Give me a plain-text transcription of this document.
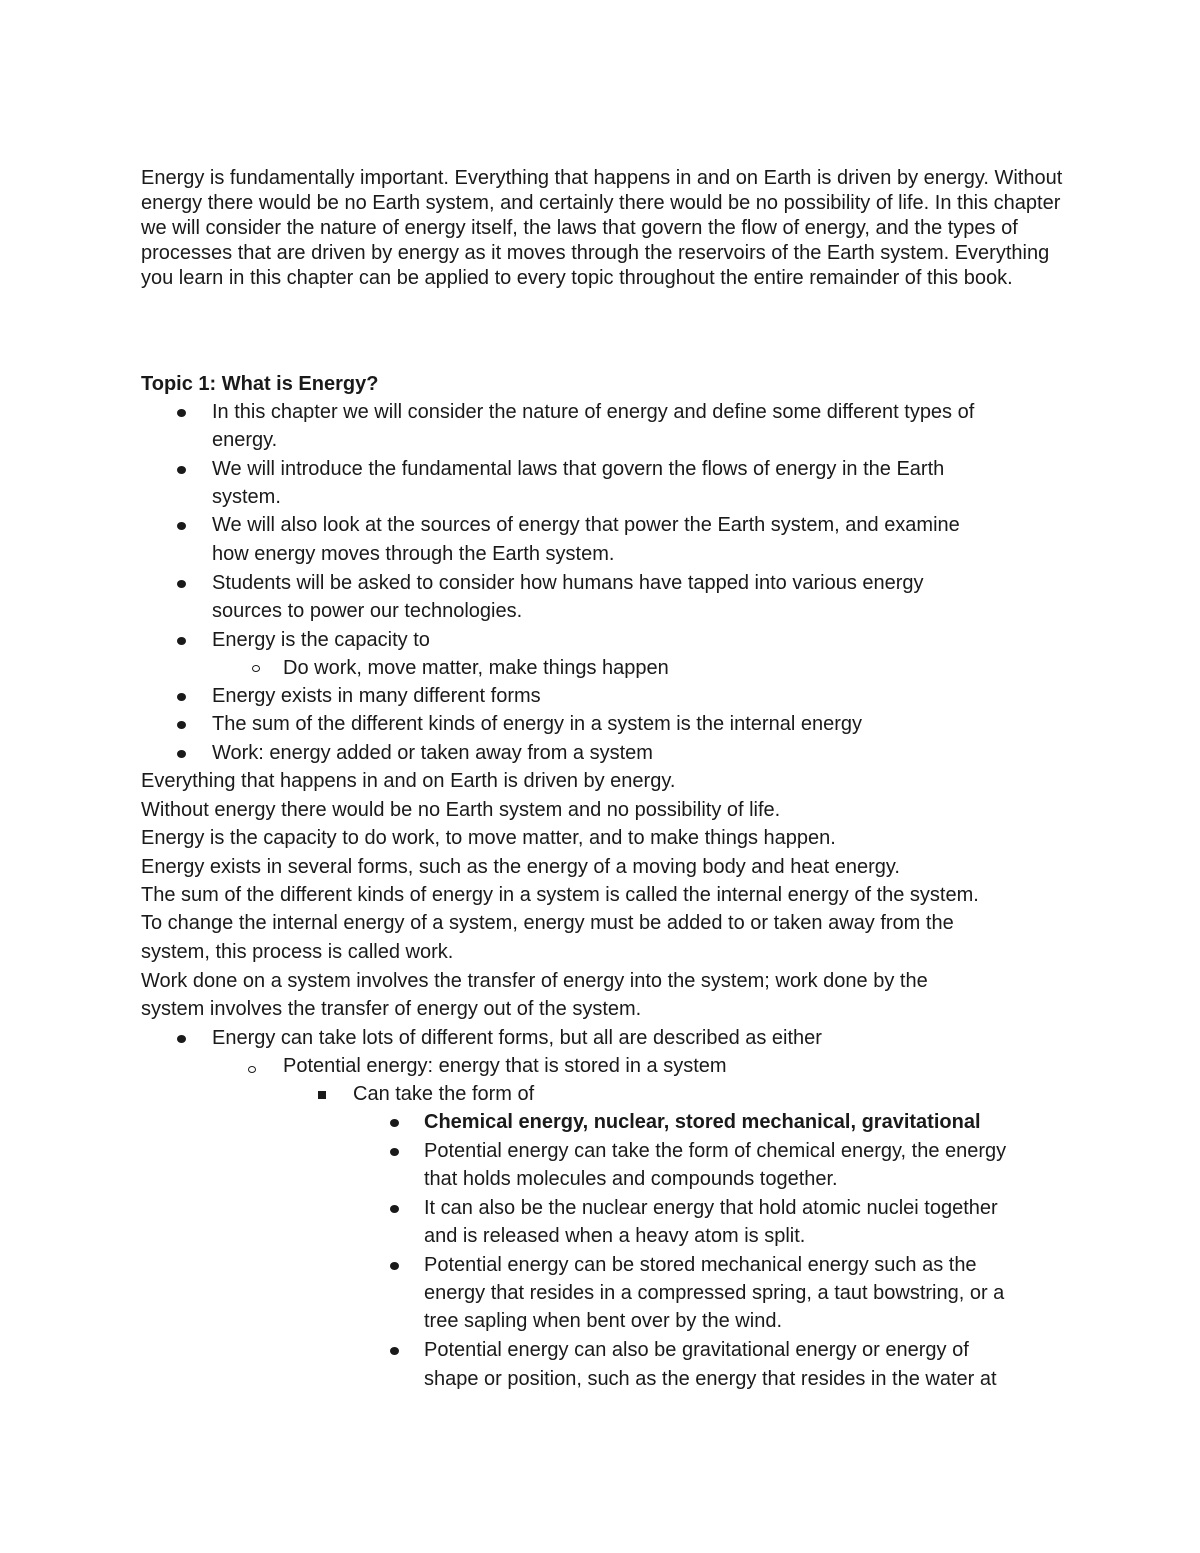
Energy is fundamentally important. Everything that happens in and on Earth is driven by energy. Without energy there would be no Earth system, and certainly there would be no possibility of life. In this chapter we will consider the nature of energy itself, the laws that govern the flow of energy, and the types of processes that are driven by energy as it moves through the reservoirs of the Earth system. Everything you learn in this chapter can be applied to every topic throughout the entire remainder of this book.

Topic 1: What is Energy?

In this chapter we will consider the nature of energy and define some different types of
energy.
We will introduce the fundamental laws that govern the flows of energy in the Earth
system.
We will also look at the sources of energy that power the Earth system, and examine
how energy moves through the Earth system.
Students will be asked to consider how humans have tapped into various energy
sources to power our technologies.
Energy is the capacity to
Do work, move matter, make things happen
Energy exists in many different forms
The sum of the different kinds of energy in a system is the internal energy
Work: energy added or taken away from a system
Everything that happens in and on Earth is driven by energy.
Without energy there would be no Earth system and no possibility of life.
Energy is the capacity to do work, to move matter, and to make things happen.
Energy exists in several forms, such as the energy of a moving body and heat energy.
The sum of the different kinds of energy in a system is called the internal energy of the system.
To change the internal energy of a system, energy must be added to or taken away from the
system, this process is called work.
Work done on a system involves the transfer of energy into the system; work done by the
system involves the transfer of energy out of the system.
Energy can take lots of different forms, but all are described as either
Potential energy: energy that is stored in a system
Can take the form of
Chemical energy, nuclear, stored mechanical, gravitational
Potential energy can take the form of chemical energy, the energy
that holds molecules and compounds together.
It can also be the nuclear energy that hold atomic nuclei together
and is released when a heavy atom is split.
Potential energy can be stored mechanical energy such as the
energy that resides in a compressed spring, a taut bowstring, or a
tree sapling when bent over by the wind.
Potential energy can also be gravitational energy or energy of
shape or position, such as the energy that resides in the water at
